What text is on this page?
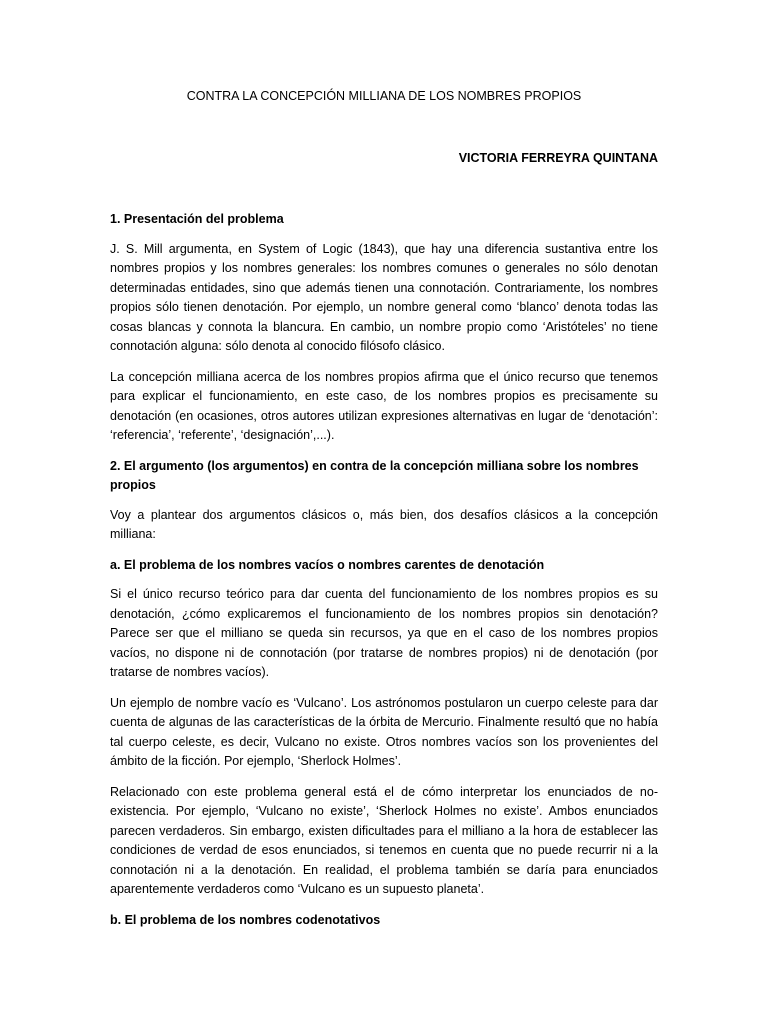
CONTRA LA CONCEPCIÓN MILLIANA DE LOS NOMBRES PROPIOS

VICTORIA FERREYRA QUINTANA

1. Presentación del problema

J. S. Mill argumenta, en System of Logic (1843), que hay una diferencia sustantiva entre los nombres propios y los nombres generales: los nombres comunes o generales no sólo denotan determinadas entidades, sino que además tienen una connotación. Contrariamente, los nombres propios sólo tienen denotación. Por ejemplo, un nombre general como ‘blanco’ denota todas las cosas blancas y connota la blancura. En cambio, un nombre propio como ‘Aristóteles’ no tiene connotación alguna: sólo denota al conocido filósofo clásico.

La concepción milliana acerca de los nombres propios afirma que el único recurso que tenemos para explicar el funcionamiento, en este caso, de los nombres propios es precisamente su denotación (en ocasiones, otros autores utilizan expresiones alternativas en lugar de ‘denotación’: ‘referencia’, ‘referente’, ‘designación’,...).

2. El argumento (los argumentos) en contra de la concepción milliana sobre los nombres propios

Voy a plantear dos argumentos clásicos o, más bien, dos desafíos clásicos a la concepción milliana:

a. El problema de los nombres vacíos o nombres carentes de denotación

Si el único recurso teórico para dar cuenta del funcionamiento de los nombres propios es su denotación, ¿cómo explicaremos el funcionamiento de los nombres propios sin denotación? Parece ser que el milliano se queda sin recursos, ya que en el caso de los nombres propios vacíos, no dispone ni de connotación (por tratarse de nombres propios) ni de denotación (por tratarse de nombres vacíos).

Un ejemplo de nombre vacío es ‘Vulcano’. Los astrónomos postularon un cuerpo celeste para dar cuenta de algunas de las características de la órbita de Mercurio. Finalmente resultó que no había tal cuerpo celeste, es decir, Vulcano no existe. Otros nombres vacíos son los provenientes del ámbito de la ficción. Por ejemplo, ‘Sherlock Holmes’.

Relacionado con este problema general está el de cómo interpretar los enunciados de no-existencia. Por ejemplo, ‘Vulcano no existe’, ‘Sherlock Holmes no existe’. Ambos enunciados parecen verdaderos. Sin embargo, existen dificultades para el milliano a la hora de establecer las condiciones de verdad de esos enunciados, si tenemos en cuenta que no puede recurrir ni a la connotación ni a la denotación. En realidad, el problema también se daría para enunciados aparentemente verdaderos como ‘Vulcano es un supuesto planeta’.

b. El problema de los nombres codenotativos
